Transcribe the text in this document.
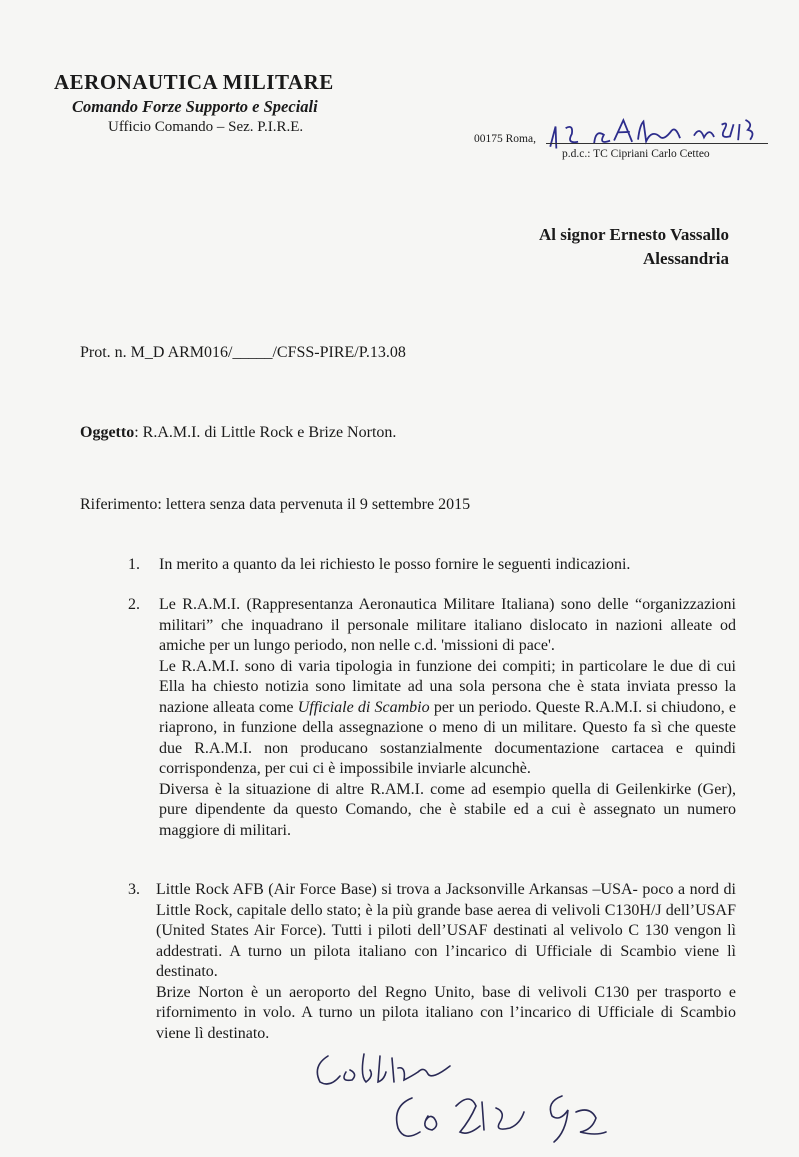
AERONAUTICA MILITARE
Comando Forze Supporto e Speciali
Ufficio Comando – Sez. P.I.R.E.
00175 Roma,
p.d.c.: TC Cipriani Carlo Cetteo
Al signor Ernesto Vassallo
Alessandria
Prot. n. M_D ARM016/_____/CFSS-PIRE/P.13.08
Oggetto: R.A.M.I. di Little Rock e Brize Norton.
Riferimento: lettera senza data pervenuta il 9 settembre 2015
1. In merito a quanto da lei richiesto le posso fornire le seguenti indicazioni.

2. Le R.A.M.I. (Rappresentanza Aeronautica Militare Italiana) sono delle “organizzazioni militari” che inquadrano il personale militare italiano dislocato in nazioni alleate od amiche per un lungo periodo, non nelle c.d. 'missioni di pace'.

Le R.A.M.I. sono di varia tipologia in funzione dei compiti; in particolare le due di cui Ella ha chiesto notizia sono limitate ad una sola persona che è stata inviata presso la nazione alleata come Ufficiale di Scambio per un periodo. Queste R.A.M.I. si chiudono, e riaprono, in funzione della assegnazione o meno di un militare. Questo fa sì che queste due R.A.M.I. non producano sostanzialmente documentazione cartacea e quindi corrispondenza, per cui ci è impossibile inviarle alcunchè.

Diversa è la situazione di altre R.AM.I. come ad esempio quella di Geilenkirke (Ger), pure dipendente da questo Comando, che è stabile ed a cui è assegnato un numero maggiore di militari.

3. Little Rock AFB (Air Force Base) si trova a Jacksonville Arkansas –USA- poco a nord di Little Rock, capitale dello stato; è la più grande base aerea di velivoli C130H/J dell’USAF (United States Air Force). Tutti i piloti dell’USAF destinati al velivolo C 130 vengon lì addestrati. A turno un pilota italiano con l’incarico di Ufficiale di Scambio viene lì destinato.

Brize Norton è un aeroporto del Regno Unito, base di velivoli C130 per trasporto e rifornimento in volo. A turno un pilota italiano con l’incarico di Ufficiale di Scambio viene lì destinato.
